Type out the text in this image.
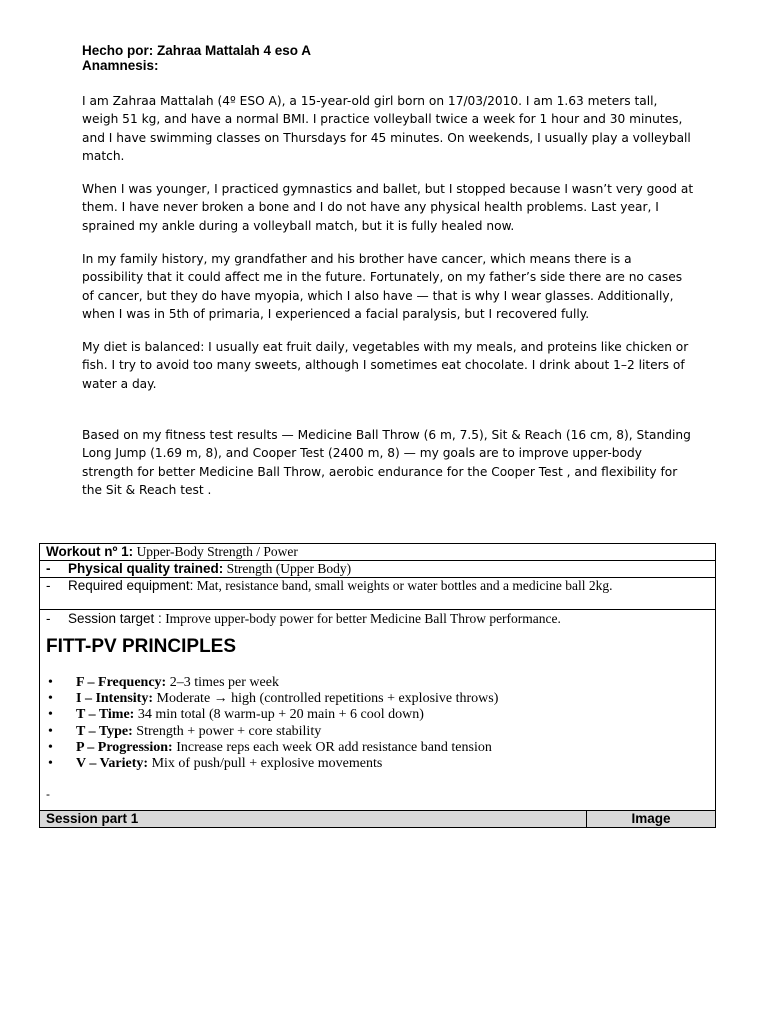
Hecho por: Zahraa Mattalah 4 eso A
Anamnesis:

I am Zahraa Mattalah (4º ESO A), a 15-year-old girl born on 17/03/2010. I am 1.63 meters tall, weigh 51 kg, and have a normal BMI. I practice volleyball twice a week for 1 hour and 30 minutes, and I have swimming classes on Thursdays for 45 minutes. On weekends, I usually play a volleyball match.

When I was younger, I practiced gymnastics and ballet, but I stopped because I wasn’t very good at them. I have never broken a bone and I do not have any physical health problems. Last year, I sprained my ankle during a volleyball match, but it is fully healed now.

In my family history, my grandfather and his brother have cancer, which means there is a possibility that it could affect me in the future. Fortunately, on my father’s side there are no cases of cancer, but they do have myopia, which I also have — that is why I wear glasses. Additionally, when I was in 5th of primaria, I experienced a facial paralysis, but I recovered fully.

My diet is balanced: I usually eat fruit daily, vegetables with my meals, and proteins like chicken or fish. I try to avoid too many sweets, although I sometimes eat chocolate. I drink about 1–2 liters of water a day.

Based on my fitness test results — Medicine Ball Throw (6 m, 7.5), Sit & Reach (16 cm, 8), Standing Long Jump (1.69 m, 8), and Cooper Test (2400 m, 8) — my goals are to improve upper-body strength for better Medicine Ball Throw, aerobic endurance for the Cooper Test , and flexibility for the Sit & Reach test .

Workout nº 1: Upper-Body Strength / Power
- Physical quality trained: Strength (Upper Body)
- Required equipment: Mat, resistance band, small weights or water bottles and a medicine ball 2kg.

- Session target : Improve upper-body power for better Medicine Ball Throw performance.
FITT-PV PRINCIPLES
• F – Frequency: 2–3 times per week
• I – Intensity: Moderate → high (controlled repetitions + explosive throws)
• T – Time: 34 min total (8 warm-up + 20 main + 6 cool down)
• T – Type: Strength + power + core stability
• P – Progression: Increase reps each week OR add resistance band tension
• V – Variety: Mix of push/pull + explosive movements
-

Session part 1	Image
